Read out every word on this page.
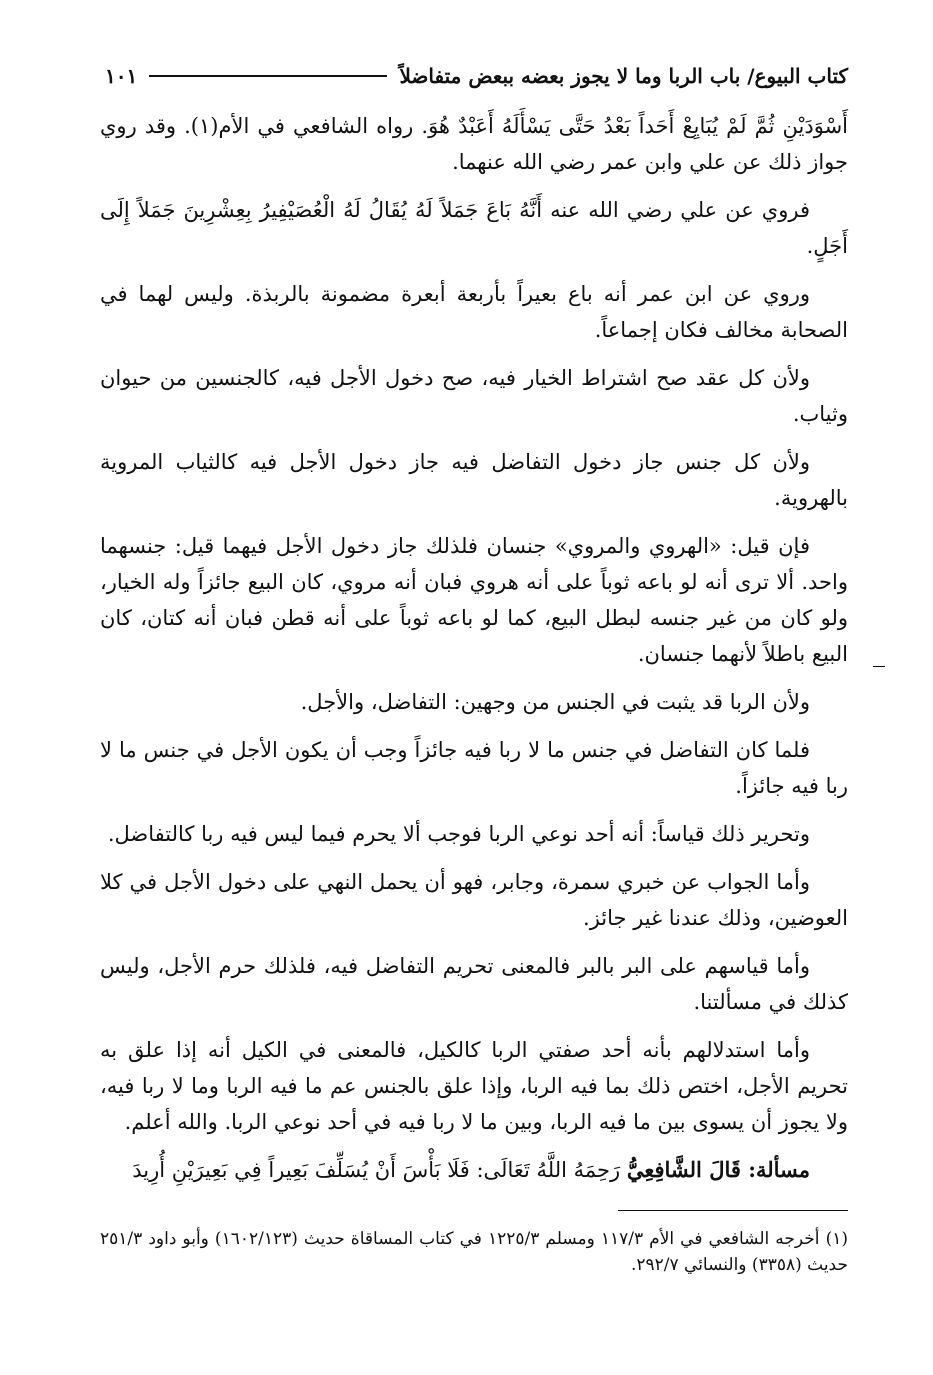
كتاب البيوع/ باب الربا وما لا يجوز بعضه ببعض متفاضلاً
١٠١

أَسْوَدَيْنِ ثُمَّ لَمْ يُبَايِعْ أَحَداً بَعْدُ حَتَّى يَسْأَلَهُ أَعَبْدٌ هُوَ. رواه الشافعي في الأم(١). وقد روي جواز ذلك عن علي وابن عمر رضي الله عنهما.

فروي عن علي رضي الله عنه أَنَّهُ بَاعَ جَمَلاً لَهُ يُقَالُ لَهُ الْعُصَيْفِيرُ بِعِشْرِينَ جَمَلاً إِلَى أَجَلٍ.

وروي عن ابن عمر أنه باع بعيراً بأربعة أبعرة مضمونة بالربذة. وليس لهما في الصحابة مخالف فكان إجماعاً.

ولأن كل عقد صح اشتراط الخيار فيه، صح دخول الأجل فيه، كالجنسين من حيوان وثياب.

ولأن كل جنس جاز دخول التفاضل فيه جاز دخول الأجل فيه كالثياب المروية بالهروية.

فإن قيل: «الهروي والمروي» جنسان فلذلك جاز دخول الأجل فيهما قيل: جنسهما واحد. ألا ترى أنه لو باعه ثوباً على أنه هروي فبان أنه مروي، كان البيع جائزاً وله الخيار، ولو كان من غير جنسه لبطل البيع، كما لو باعه ثوباً على أنه قطن فبان أنه كتان، كان البيع باطلاً لأنهما جنسان.

ولأن الربا قد يثبت في الجنس من وجهين: التفاضل، والأجل.

فلما كان التفاضل في جنس ما لا ربا فيه جائزاً وجب أن يكون الأجل في جنس ما لا ربا فيه جائزاً.

وتحرير ذلك قياساً: أنه أحد نوعي الربا فوجب ألا يحرم فيما ليس فيه ربا كالتفاضل.

وأما الجواب عن خبري سمرة، وجابر، فهو أن يحمل النهي على دخول الأجل في كلا العوضين، وذلك عندنا غير جائز.

وأما قياسهم على البر بالبر فالمعنى تحريم التفاضل فيه، فلذلك حرم الأجل، وليس كذلك في مسألتنا.

وأما استدلالهم بأنه أحد صفتي الربا كالكيل، فالمعنى في الكيل أنه إذا علق به تحريم الأجل، اختص ذلك بما فيه الربا، وإذا علق بالجنس عم ما فيه الربا وما لا ربا فيه، ولا يجوز أن يسوى بين ما فيه الربا، وبين ما لا ربا فيه في أحد نوعي الربا. والله أعلم.

مسألة: قَالَ الشَّافِعِيُّ رَحِمَهُ اللَّهُ تَعَالَى: فَلَا بَأْسَ أَنْ يُسَلِّفَ بَعِيراً فِي بَعِيرَيْنِ أُرِيدَ

(١) أخرجه الشافعي في الأم ١١٧/٣ ومسلم ١٢٢٥/٣ في كتاب المساقاة حديث (١٦٠٢/١٢٣) وأبو داود ٢٥١/٣ حديث (٣٣٥٨) والنسائي ٢٩٢/٧.
